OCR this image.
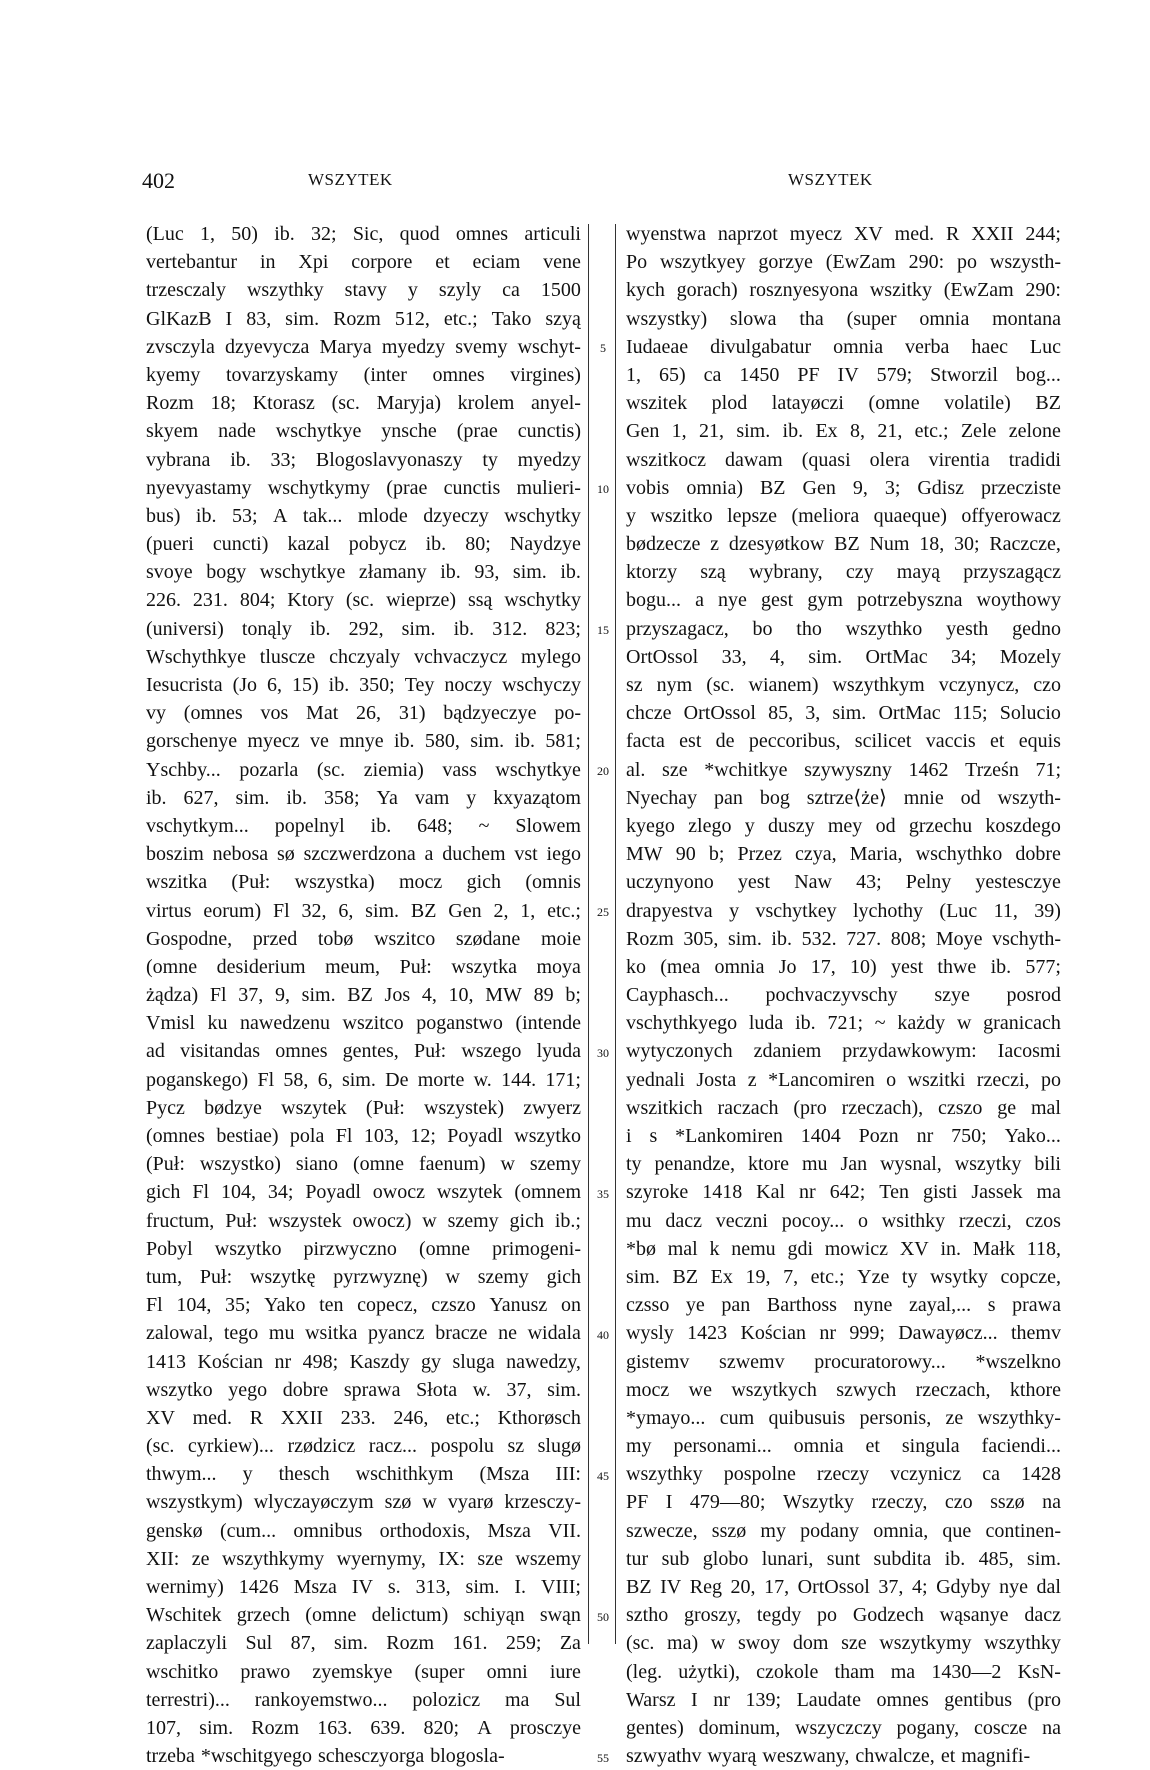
402	WSZYTEK	WSZYTEK
(Luc 1, 50) ib. 32; Sic, quod omnes articuli
vertebantur in Xpi corpore et eciam vene
trzesczaly wszythky stavy y szyly ca 1500
GlKazB I 83, sim. Rozm 512, etc.; Tako szyą
zvsczyla dzyevycza Marya myedzy svemy wschyt-
kyemy tovarzyskamy (inter omnes virgines)
Rozm 18; Ktorasz (sc. Maryja) krolem anyel-
skyem nade wschytkye ynsche (prae cunctis)
vybrana ib. 33; Blogoslavyonaszy ty myedzy
nyevyastamy wschytkymy (prae cunctis mulieri-
bus) ib. 53; A tak... mlode dzyeczy wschytky
(pueri cuncti) kazal pobycz ib. 80; Naydzye
svoye bogy wschytkye złamany ib. 93, sim. ib.
226. 231. 804; Ktory (sc. wieprze) ssą wschytky
(universi) tonąly ib. 292, sim. ib. 312. 823;
Wschythkye tlusczе chczyaly vchvaczycz mylego
Iesucrista (Jo 6, 15) ib. 350; Tey noczy wschyczy
vy (omnes vos Mat 26, 31) bądzyeczye po-
gorschenye myecz ve mnye ib. 580, sim. ib. 581;
Yschby... pozarla (sc. ziemia) vass wschytkye
ib. 627, sim. ib. 358; Ya vam y kxyazątom
vschytkym... popelnyl ib. 648; ~ Slowem
boszim nebosa sø szczwerdzona a duchem vst iego
wszitka (Puł: wszystka) mocz gich (omnis
virtus eorum) Fl 32, 6, sim. BZ Gen 2, 1, etc.;
Gospodne, przed tobø wszitco szødane moie
(omne desiderium meum, Puł: wszytka moya
żądza) Fl 37, 9, sim. BZ Jos 4, 10, MW 89 b;
Vmisl ku nawedzenu wszitco poganstwo (intende
ad visitandas omnes gentes, Puł: wszego lyuda
poganskego) Fl 58, 6, sim. De morte w. 144. 171;
Pycz bødzye wszytek (Puł: wszystek) zwyerz
(omnes bestiae) pola Fl 103, 12; Poyadl wszytko
(Puł: wszystko) siano (omne faenum) w szemy
gich Fl 104, 34; Poyadl owocz wszytek (omnem
fructum, Puł: wszystek owocz) w szemy gich ib.;
Pobyl wszytko pirzwyczno (omne primogeni-
tum, Puł: wszytkę pyrzwyznę) w szemy gich
Fl 104, 35; Yako ten copecz, czszo Yanusz on
zalowal, tego mu wsitka pyancz bracze ne widala
1413 Kościan nr 498; Kaszdy gy sluga nawedzy,
wszytko yego dobre sprawa Słota w. 37, sim.
XV med. R XXII 233. 246, etc.; Kthorøsch
(sc. cyrkiew)... rzødzicz racz... pospolu sz slugø
thwym... y thesch wschithkym (Msza III:
wszystkym) wlyczayøczym szø w vyarø krzesczy-
genskø (cum... omnibus orthodoxis, Msza VII.
XII: ze wszythkymy wyernymy, IX: sze wszemy
wernimy) 1426 Msza IV s. 313, sim. I. VIII;
Wschitek grzech (omne delictum) schiyąn swąn
zaplaczyli Sul 87, sim. Rozm 161. 259; Za
wschitko prawo zyemskye (super omni iure
terrestri)... rankoyemstwo... polozicz ma Sul
107, sim. Rozm 163. 639. 820; A prosczye
trzeba *wschitgyego schesczyorga blogosla-
5
10
15
20
25
30
35
40
45
50
55
wyenstwa naprzot myecz XV med. R XXII 244;
Po wszytkyey gorzye (EwZam 290: po wszysth-
kych gorach) rosznyesyona wszitky (EwZam 290:
wszystky) slowa tha (super omnia montana
Iudaeae divulgabatur omnia verba haec Luc
1, 65) ca 1450 PF IV 579; Stworzil bog...
wszitek plod latayøczi (omne volatile) BZ
Gen 1, 21, sim. ib. Ex 8, 21, etc.; Zele zelone
wszitkocz dawam (quasi olera virentia tradidi
vobis omnia) BZ Gen 9, 3; Gdisz przecziste
y wszitko lepsze (meliora quaeque) offyerowacz
bødzecze z dzesyøtkow BZ Num 18, 30; Raczcze,
ktorzy szą wybrany, czy mayą przyszagącz
bogu... a nye gest gym potrzebyszna woythowy
przyszagacz, bo tho wszythko yesth gedno
OrtOssol 33, 4, sim. OrtMac 34; Mozely
sz nym (sc. wianem) wszythkym vczynycz, czo
chcze OrtOssol 85, 3, sim. OrtMac 115; Solucio
facta est de peccoribus, scilicet vaccis et equis
al. sze *wchitkye szywyszny 1462 Trześn 71;
Nyechay pan bog sztrze⟨że⟩ mnie od wszyth-
kyego zlego y duszy mey od grzechu koszdego
MW 90 b; Przez czya, Maria, wschythko dobre
uczynyono yest Naw 43; Pelny yestesczye
drapyestva y vschytkey lychothy (Luc 11, 39)
Rozm 305, sim. ib. 532. 727. 808; Moye vschyth-
ko (mea omnia Jo 17, 10) yest thwe ib. 577;
Cayphasch... pochvaczyvschy szye posrod
vschythkyego luda ib. 721; ~ każdy w granicach
wytyczonych zdaniem przydawkowym: Iacosmi
yednali Josta z *Lancomiren o wszitki rzeczi, po
wszitkich raczach (pro rzeczach), czszo ge mal
i s *Lankomiren 1404 Pozn nr 750; Yako...
ty penandze, ktore mu Jan wysnal, wszytky bili
szyroke 1418 Kal nr 642; Ten gisti Jassek ma
mu dacz veczni pocoy... o wsithky rzeczi, czos
*bø mal k nemu gdi mowicz XV in. Małk 118,
sim. BZ Ex 19, 7, etc.; Yze ty wsytky copcze,
czsso ye pan Barthoss nyne zayal,... s prawa
wysly 1423 Kościan nr 999; Dawayøcz... themv
gistemv szwemv procuratorowy... *wszelkno
mocz we wszytkych szwych rzeczach, kthore
*ymayo... cum quibusuis personis, ze wszythky-
my personami... omnia et singula faciendi...
wszythky pospolne rzeczy vczynicz ca 1428
PF I 479—80; Wszytky rzeczy, czo sszø na
szwecze, sszø my podany omnia, que continen-
tur sub globo lunari, sunt subdita ib. 485, sim.
BZ IV Reg 20, 17, OrtOssol 37, 4; Gdyby nye dal
sztho groszy, tegdy po Godzech wąsanye dacz
(sc. ma) w swoy dom sze wszytkymy wszythky
(leg. użytki), czokole tham ma 1430—2 KsN-
Warsz I nr 139; Laudate omnes gentibus (pro
gentes) dominum, wszyczczy pogany, coscze na
szwyathv wyarą weszwany, chwalcze, et magnifi-
